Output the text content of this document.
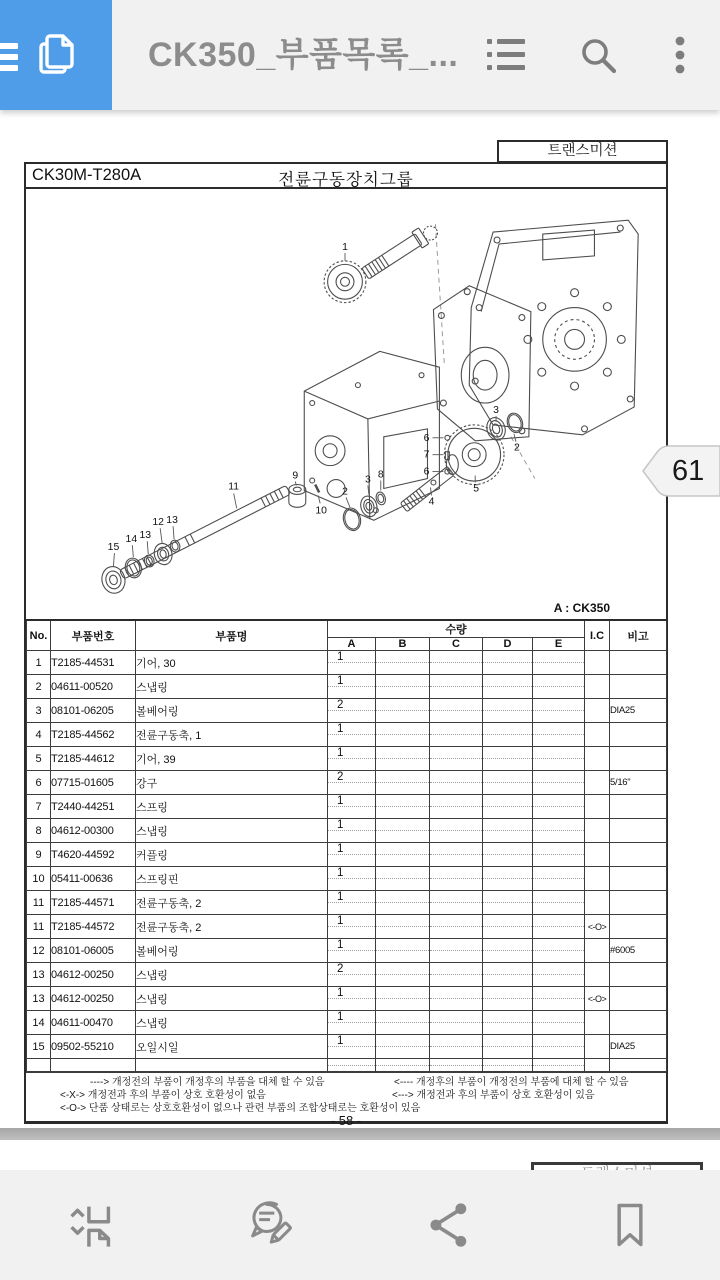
CK350_부품목록_...
트랜스미션
CK30M-T280A	전륜구동장치그룹
1
2
3
5
4
6
7
6
8
3
2
9
10
11
12 13
13
14
15
A : CK350
No.	부품번호	부품명	수량					I.C	비고
			A	B	C	D	E		
1	T2185-44531	기어, 30	1						

2	04611-00520	스냅링	1						

3	08101-06205	볼베어링	2						DIA25
4	T2185-44562	전륜구동축, 1	1						

5	T2185-44612	기어, 39	1						

6	07715-01605	강구	2						5/16"
7	T2440-44251	스프링	1						

8	04612-00300	스냅링	1						

9	T4620-44592	커플링	1						

10	05411-00636	스프링핀	1						

11	T2185-44571	전륜구동축, 2	1						

11	T2185-44572	전륜구동축, 2	1					<-O>	
12	08101-06005	볼베어링	1						#6005
13	04612-00250	스냅링	2						

13	04612-00250	스냅링	1					<-O>	
14	04611-00470	스냅링	1						

15	09502-55210	오일시일	1						DIA25

----> 개정전의 부품이 개정후의 부품을 대체 할 수 있음	<---- 개정후의 부품이 개정전의 부품에 대체 할 수 있음
<-X-> 개정전과 후의 부품이 상호 호환성이 없음	<---> 개정전과 후의 부품이 상호 호환성이 있음
<-O-> 단품 상태로는 상호호환성이 없으나 관련 부품의 조합상태로는 호환성이 있음
- 58 -
61
